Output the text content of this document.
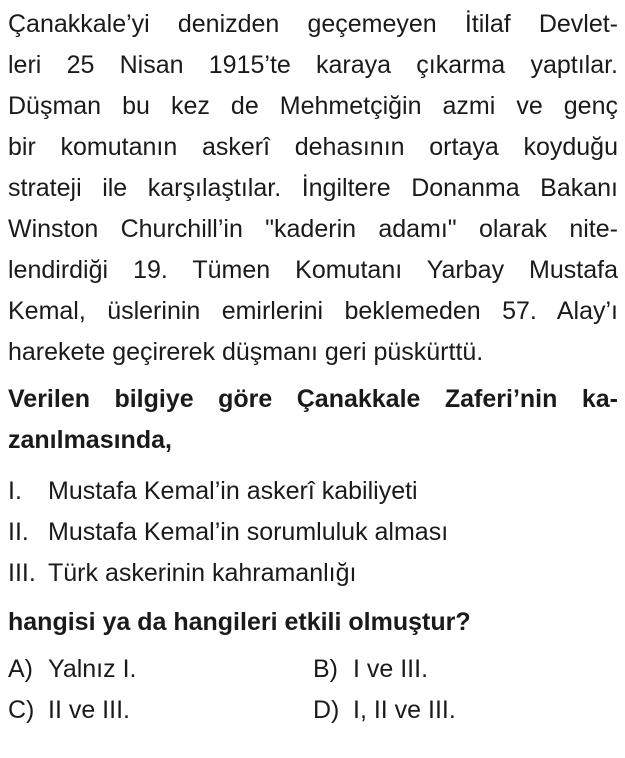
Çanakkale’yi denizden geçemeyen İtilaf Devlet-
leri 25 Nisan 1915’te karaya çıkarma yaptılar.
Düşman bu kez de Mehmetçiğin azmi ve genç
bir komutanın askerî dehasının ortaya koyduğu
strateji ile karşılaştılar. İngiltere Donanma Bakanı
Winston Churchill’in "kaderin adamı" olarak nite-
lendirdiği 19. Tümen Komutanı Yarbay Mustafa
Kemal, üslerinin emirlerini beklemeden 57. Alay’ı
harekete geçirerek düşmanı geri püskürttü.

Verilen bilgiye göre Çanakkale Zaferi’nin ka-
zanılmasında,

I.	Mustafa Kemal’in askerî kabiliyeti
II. Mustafa Kemal’in sorumluluk alması
III. Türk askerinin kahramanlığı

hangisi ya da hangileri etkili olmuştur?

A) Yalnız I.	B) I ve III.
C) II ve III.	D) I, II ve III.
